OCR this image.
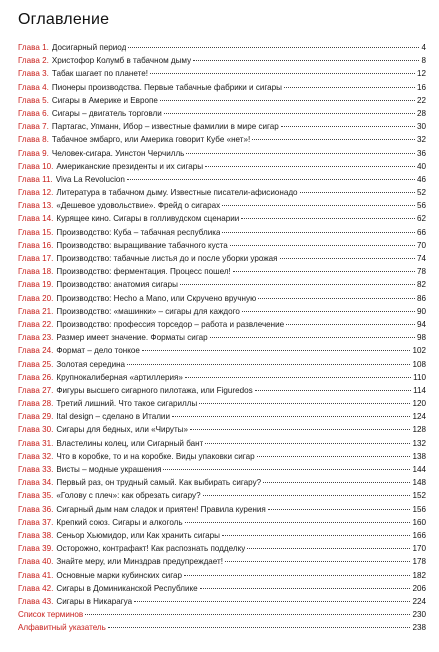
Оглавление
Глава 1. Досигарный период	4
Глава 2. Христофор Колумб в табачном дыму	8
Глава 3. Табак шагает по планете!	12
Глава 4. Пионеры производства. Первые табачные фабрики и сигары	16
Глава 5. Сигары в Америке и Европе	22
Глава 6. Сигары – двигатель торговли	28
Глава 7. Партагас, Упманн, Ибор – известные фамилии в мире сигар	30
Глава 8. Табачное эмбарго, или Америка говорит Кубе «нет»!	32
Глава 9. Человек-сигара. Уинстон Черчилль	36
Глава 10. Американские президенты и их сигары	40
Глава 11. Viva La Revolucion	46
Глава 12. Литература в табачном дыму. Известные писатели-афисионадо	52
Глава 13. «Дешевое удовольствие». Фрейд о сигарах	56
Глава 14. Курящее кино. Сигары в голливудском сценарии	62
Глава 15. Производство: Куба – табачная республика	66
Глава 16. Производство: выращивание табачного куста	70
Глава 17. Производство: табачные листья до и после уборки урожая	74
Глава 18. Производство: ферментация. Процесс пошел!	78
Глава 19. Производство: анатомия сигары	82
Глава 20. Производство: Hecho a Mano, или Скручено вручную	86
Глава 21. Производство: «машинки» – сигары для каждого	90
Глава 22. Производство: профессия торседор – работа и развлечение	94
Глава 23. Размер имеет значение. Форматы сигар	98
Глава 24. Формат – дело тонкое	102
Глава 25. Золотая середина	108
Глава 26. Крупнокалиберная «артиллерия»	110
Глава 27. Фигуры высшего сигарного пилотажа, или Figuredos	114
Глава 28. Третий лишний. Что такое сигариллы	120
Глава 29. Ital design – сделано в Италии	124
Глава 30. Сигары для бедных, или «Чируты»	128
Глава 31. Властелины колец, или Сигарный бант	132
Глава 32. Что в коробке, то и на коробке. Виды упаковки сигар	138
Глава 33. Висты – модные украшения	144
Глава 34. Первый раз, он трудный самый. Как выбирать сигару?	148
Глава 35. «Голову с плеч»: как обрезать сигару?	152
Глава 36. Сигарный дым нам сладок и приятен! Правила курения	156
Глава 37. Крепкий союз. Сигары и алкоголь	160
Глава 38. Сеньор Хьюмидор, или Как хранить сигары	166
Глава 39. Осторожно, контрафакт! Как распознать подделку	170
Глава 40. Знайте меру, или Минздрав предупреждает!	178
Глава 41. Основные марки кубинских сигар	182
Глава 42. Сигары в Доминиканской Республике	206
Глава 43. Сигары в Никарагуа	224
Список терминов	230
Алфавитный указатель	238
